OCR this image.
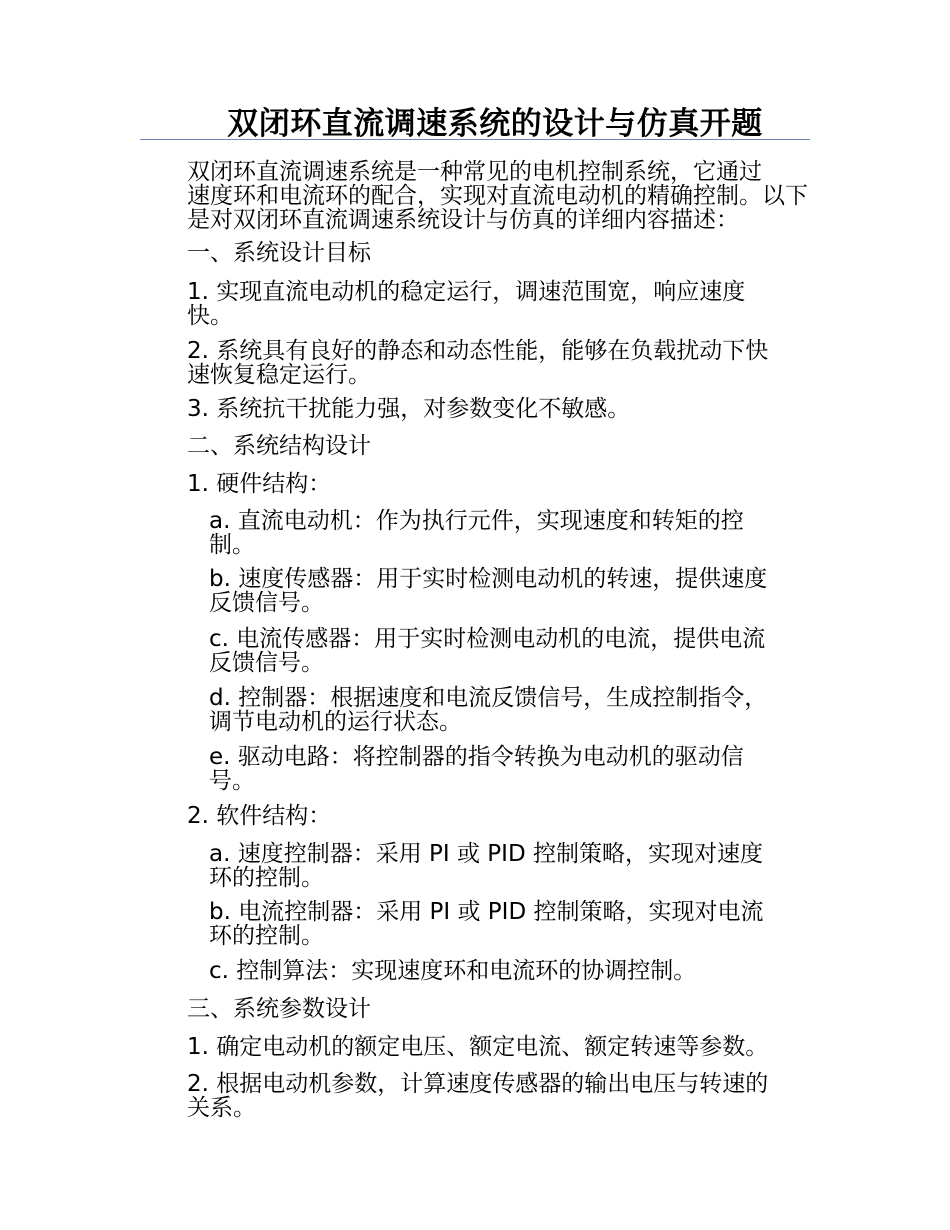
双闭环直流调速系统的设计与仿真开题
双闭环直流调速系统是一种常见的电机控制系统，它通过
速度环和电流环的配合，实现对直流电动机的精确控制。以下
是对双闭环直流调速系统设计与仿真的详细内容描述：
一、系统设计目标
1. 实现直流电动机的稳定运行，调速范围宽，响应速度
快。
2. 系统具有良好的静态和动态性能，能够在负载扰动下快
速恢复稳定运行。
3. 系统抗干扰能力强，对参数变化不敏感。
二、系统结构设计
1. 硬件结构：
a. 直流电动机：作为执行元件，实现速度和转矩的控
制。
b. 速度传感器：用于实时检测电动机的转速，提供速度
反馈信号。
c. 电流传感器：用于实时检测电动机的电流，提供电流
反馈信号。
d. 控制器：根据速度和电流反馈信号，生成控制指令，
调节电动机的运行状态。
e. 驱动电路：将控制器的指令转换为电动机的驱动信
号。
2. 软件结构：
a. 速度控制器：采用 PI 或 PID 控制策略，实现对速度
环的控制。
b. 电流控制器：采用 PI 或 PID 控制策略，实现对电流
环的控制。
c. 控制算法：实现速度环和电流环的协调控制。
三、系统参数设计
1. 确定电动机的额定电压、额定电流、额定转速等参数。
2. 根据电动机参数，计算速度传感器的输出电压与转速的
关系。
